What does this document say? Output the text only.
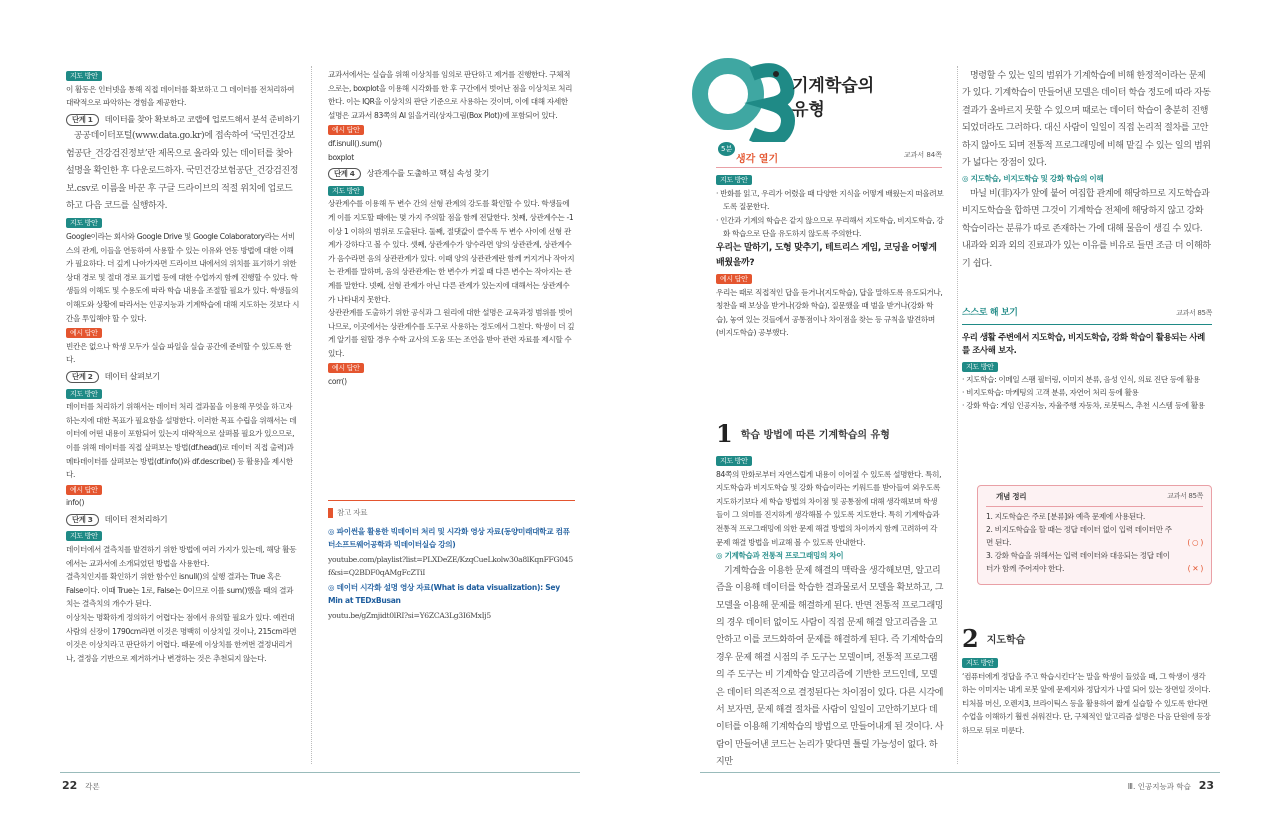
지도 방안
이 활동은 인터넷을 통해 직접 데이터를 확보하고 그 데이터를 전처리하여 대략적으로 파악하는 경험을 제공한다.
단계 1	데이터를 찾아 확보하고 코랩에 업로드해서 분석 준비하기
공공데이터포털(www.data.go.kr)에 접속하여 ‘국민건강보험공단_건강검진정보’란 제목으로 올라와 있는 데이터를 찾아 설명을 확인한 후 다운로드하자. 국민건강보험공단_건강검진정보.csv로 이름을 바꾼 후 구글 드라이브의 적절 위치에 업로드하고 다음 코드를 실행하자.
지도 방안
Google이라는 회사와 Google Drive 및 Google Colaboratory라는 서비스의 관계, 이들을 연동하여 사용할 수 있는 이유와 연동 방법에 대한 이해가 필요하다. 더 깊게 나아가자면 드라이브 내에서의 위치를 표기하기 위한 상대 경로 및 절대 경로 표기법 등에 대한 수업까지 함께 진행할 수 있다. 학생들의 이해도 및 수용도에 따라 학습 내용을 조절할 필요가 있다. 학생들의 이해도와 상황에 따라서는 인공지능과 기계학습에 대해 지도하는 것보다 시간을 투입해야 할 수 있다.
예시 답안
빈칸은 없으나 학생 모두가 실습 파일을 실습 공간에 준비할 수 있도록 한다.
단계 2	데이터 살펴보기
지도 방안
데이터를 처리하기 위해서는 데이터 처리 결과물을 이용해 무엇을 하고자 하는지에 대한 목표가 필요함을 설명한다. 이러한 목표 수립을 위해서는 데이터에 어떤 내용이 포함되어 있는지 대략적으로 살펴볼 필요가 있으므로, 이를 위해 데이터를 직접 살펴보는 방법(df.head()로 데이터 직접 출력)과 메타데이터를 살펴보는 방법(df.info()와 df.describe() 등 활용)을 제시한다.
예시 답안
info()
단계 3	데이터 전처리하기
지도 방안
데이터에서 결측치를 발견하기 위한 방법에 여러 가지가 있는데, 해당 활동에서는 교과서에 소개되었던 방법을 사용한다.
결측치인지를 확인하기 위한 함수인 isnull()의 실행 결과는 True 혹은 False이다. 이때 True는 1로, False는 0이므로 이를 sum()했을 때의 결과치는 결측치의 개수가 된다.
이상치는 명확하게 정의하기 어렵다는 점에서 유의할 필요가 있다. 예컨대 사람의 신장이 1790cm라면 이것은 명백히 이상치일 것이나, 215cm라면 이것은 이상치라고 판단하기 어렵다. 때문에 이상치를 한꺼번 결정내리거나, 결정을 기반으로 제거하거나 변경하는 것은 추천되지 않는다.
교과서에서는 실습을 위해 이상치를 임의로 판단하고 제거를 진행한다. 구체적으로는, boxplot을 이용해 시각화를 한 후 구간에서 벗어난 점을 이상치로 처리한다. 이는 IQR을 이상치의 판단 기준으로 사용하는 것이며, 이에 대해 자세한 설명은 교과서 83쪽의 AI 읽을거리(상자그림(Box Plot))에 포함되어 있다.
예시 답안
df.isnull().sum()
boxplot
단계 4	상관계수를 도출하고 핵심 속성 찾기
지도 방안
상관계수를 이용해 두 변수 간의 선형 관계의 강도를 확인할 수 있다. 학생들에게 이를 지도할 때에는 몇 가지 주의할 점을 함께 전달한다. 첫째, 상관계수는 -1 이상 1 이하의 범위로 도출된다. 둘째, 절댓값이 클수록 두 변수 사이에 선형 관계가 강하다고 볼 수 있다. 셋째, 상관계수가 양수라면 양의 상관관계, 상관계수가 음수라면 음의 상관관계가 있다. 이때 양의 상관관계란 함께 커지거나 작아지는 관계를 말하며, 음의 상관관계는 한 변수가 커질 때 다른 변수는 작아지는 관계를 말한다. 넷째, 선형 관계가 아닌 다른 관계가 있는지에 대해서는 상관계수가 나타내지 못한다.
상관관계를 도출하기 위한 공식과 그 원리에 대한 설명은 교육과정 범위를 벗어나므로, 이곳에서는 상관계수를 도구로 사용하는 정도에서 그친다. 학생이 더 깊게 알기를 원할 경우 수학 교사의 도움 또는 조언을 받아 관련 자료를 제시할 수 있다.
예시 답안
corr()
참고 자료
◎ 파이썬을 활용한 빅데이터 처리 및 시각화 영상 자료(동양미래대학교 컴퓨터소프트웨어공학과 빅데이터실습 강의)
youtube.com/playlist?list=PLXDeZE/KzqCueLkolw30a8lKqnFFG045f&si=Q2BDF0qAMgFcZTiI
◎ 데이터 시각화 설명 영상 자료(What is data visualization): Sey Min at TEDxBusan
youtu.be/gZmjidt0lRI?si=Y6ZCA3Lg3I6MxIj5
22 각론
기계학습의
유형
5분
생각 열기	교과서 84쪽
지도 방안
· 반화를 읽고, 우리가 어렸을 때 다양한 지식을 어떻게 배웠는지 떠올려보도록 질문한다.
· 인간과 기계의 학습은 같지 않으므로 무리해서 지도학습, 비지도학습, 강화 학습으로 단을 유도하지 않도록 주의한다.
우리는 말하기, 도형 맞추기, 테트리스 게임, 코딩을 어떻게 배웠을까?
예시 답안
우리는 때로 직접적인 답을 듣거나(지도학습), 답을 말하도록 유도되거나, 칭찬을 때 보상을 받거나(강화 학습), 질문했을 때 벌을 받거나(강화 학습), 놓여 있는 것들에서 공통점이나 차이점을 찾는 등 규칙을 발견하며(비지도학습) 공부했다.
1 학습 방법에 따른 기계학습의 유형
지도 방안
84쪽의 만화로부터 자연스럽게 내용이 이어질 수 있도록 설명한다. 특히, 지도학습과 비지도학습 및 강화 학습이라는 키워드를 받아들여 외우도록 지도하기보다 세 학습 방법의 차이점 및 공통점에 대해 생각해보며 학생들이 그 의미를 진지하게 생각해볼 수 있도록 지도한다. 특히 기계학습과 전통적 프로그래밍에 의한 문제 해결 방법의 차이까지 함께 고려하여 각 문제 해결 방법을 비교해 볼 수 있도록 안내한다.
◎ 기계학습과 전통적 프로그래밍의 차이
기계학습을 이용한 문제 해결의 맥락을 생각해보면, 알고리즘을 이용해 데이터를 학습한 결과물로서 모델을 확보하고, 그 모델을 이용해 문제를 해결하게 된다. 반면 전통적 프로그래밍의 경우 데이터 없이도 사람이 직접 문제 해결 알고리즘을 고안하고 이를 코드화하여 문제를 해결하게 된다. 즉 기계학습의 경우 문제 해결 시점의 주 도구는 모델이며, 전통적 프로그램의 주 도구는 비 기계학습 알고리즘에 기반한 코드인데, 모델은 데이터 의존적으로 결정된다는 차이점이 있다. 다른 시각에서 보자면, 문제 해결 절차를 사람이 일일이 고안하기보다 데이터를 이용해 기계학습의 방법으로 만들어내게 된 것이다. 사람이 만들어낸 코드는 논리가 맞다면 틀릴 가능성이 없다. 하지만
명령할 수 있는 일의 범위가 기계학습에 비해 한정적이라는 문제가 있다. 기계학습이 만들어낸 모델은 데이터 학습 정도에 따라 자동 결과가 올바르지 못할 수 있으며 때로는 데이터 학습이 충분히 진행되었더라도 그러하다. 대신 사람이 일일이 직접 논리적 절차를 고안하지 않아도 되며 전통적 프로그래밍에 비해 맡길 수 있는 일의 범위가 넓다는 장점이 있다.
◎ 지도학습, 비지도학습 및 강화 학습의 이해
마닐 비(非)자가 앞에 붙어 여집합 관계에 해당하므로 지도학습과 비지도학습을 합하면 그것이 기계학습 전체에 해당하지 않고 강화 학습이라는 분류가 따로 존재하는 가에 대해 물음이 생길 수 있다. 내과와 외과 외의 진료과가 있는 이유를 비유로 들면 조금 더 이해하기 쉽다.
스스로 해 보기	교과서 85쪽
우리 생활 주변에서 지도학습, 비지도학습, 강화 학습이 활용되는 사례를 조사해 보자.
지도 방안
· 지도학습: 이메일 스팸 필터링, 이미지 분류, 음성 인식, 의료 진단 등에 활용
· 비지도학습: 마케팅의 고객 분류, 자연어 처리 등에 활용
· 강화 학습: 게임 인공지능, 자율주행 자동차, 로봇틱스, 추천 시스템 등에 활용
개념 정리	교과서 85쪽
1. 지도학습은 주로 [분류]와 예측 문제에 사용된다.
2. 비지도학습을 할 때는 정답 데이터 없이 입력 데이터만 주면 된다.	( ○ )
3. 강화 학습을 위해서는 입력 데이터와 대응되는 정답 데이터가 함께 주어져야 한다.	( ✕ )
2 지도학습
지도 방안
‘컴퓨터에게 정답을 주고 학습시킨다’는 말을 학생이 들었을 때, 그 학생이 생각하는 이미지는 내게 로봇 앞에 문제지와 정답지가 나열 되어 있는 장면일 것이다. 티처블 머신, 오렌지3, 브라이틱스 등을 활용하여 짧게 실습할 수 있도록 한다면 수업을 이해하기 훨씬 쉬워진다. 단, 구체적인 알고리즘 설명은 다음 단원에 등장하므로 뒤로 미룬다.
Ⅲ. 인공지능과 학습 23
